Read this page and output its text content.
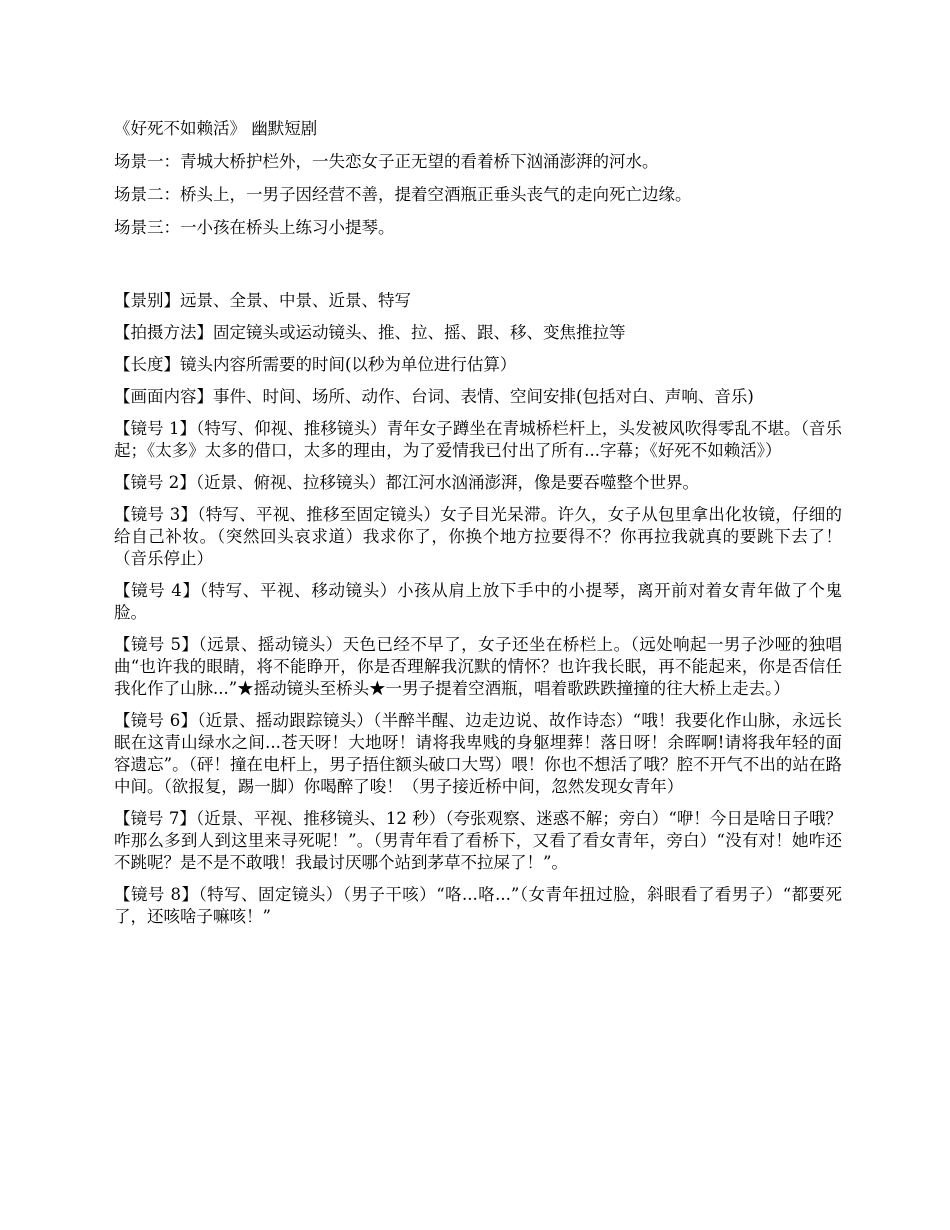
《好死不如赖活》 幽默短剧

场景一：青城大桥护栏外，一失恋女子正无望的看着桥下汹涌澎湃的河水。

场景二：桥头上，一男子因经营不善，提着空酒瓶正垂头丧气的走向死亡边缘。

场景三：一小孩在桥头上练习小提琴。

【景别】远景、全景、中景、近景、特写

【拍摄方法】固定镜头或运动镜头、推、拉、摇、跟、移、变焦推拉等

【长度】镜头内容所需要的时间(以秒为单位进行估算）

【画面内容】事件、时间、场所、动作、台词、表情、空间安排(包括对白、声响、音乐)

【镜号 1】（特写、仰视、推移镜头）青年女子蹲坐在青城桥栏杆上，头发被风吹得零乱不堪。（音乐起；《太多》太多的借口，太多的理由，为了爱情我已付出了所有...字幕；《好死不如赖活》）

【镜号 2】（近景、俯视、拉移镜头）都江河水汹涌澎湃，像是要吞噬整个世界。

【镜号 3】（特写、平视、推移至固定镜头）女子目光呆滞。许久，女子从包里拿出化妆镜，仔细的给自己补妆。（突然回头哀求道）我求你了，你换个地方拉要得不？你再拉我就真的要跳下去了！（音乐停止）

【镜号 4】（特写、平视、移动镜头）小孩从肩上放下手中的小提琴，离开前对着女青年做了个鬼脸。

【镜号 5】（远景、摇动镜头）天色已经不早了，女子还坐在桥栏上。（远处响起一男子沙哑的独唱曲“也许我的眼睛，将不能睁开，你是否理解我沉默的情怀？也许我长眠，再不能起来，你是否信任我化作了山脉...”★摇动镜头至桥头★一男子提着空酒瓶，唱着歌跌跌撞撞的往大桥上走去。）

【镜号 6】（近景、摇动跟踪镜头）（半醉半醒、边走边说、故作诗态）“哦！我要化作山脉，永远长眠在这青山绿水之间...苍天呀！大地呀！请将我卑贱的身躯埋葬！落日呀！余晖啊!请将我年轻的面容遗忘”。（砰！撞在电杆上，男子捂住额头破口大骂）喂！你也不想活了哦？腔不开气不出的站在路中间。（欲报复，踢一脚）你喝醉了唆！（男子接近桥中间，忽然发现女青年）

【镜号 7】（近景、平视、推移镜头、12 秒）（夸张观察、迷惑不解；旁白）“咿！今日是啥日子哦？咋那么多到人到这里来寻死呢！”。（男青年看了看桥下，又看了看女青年，旁白）“没有对！她咋还不跳呢？是不是不敢哦！我最讨厌哪个站到茅草不拉屎了！”。

【镜号 8】（特写、固定镜头）（男子干咳）“咯...咯...”（女青年扭过脸，斜眼看了看男子）“都要死了，还咳啥子嘛咳！”
